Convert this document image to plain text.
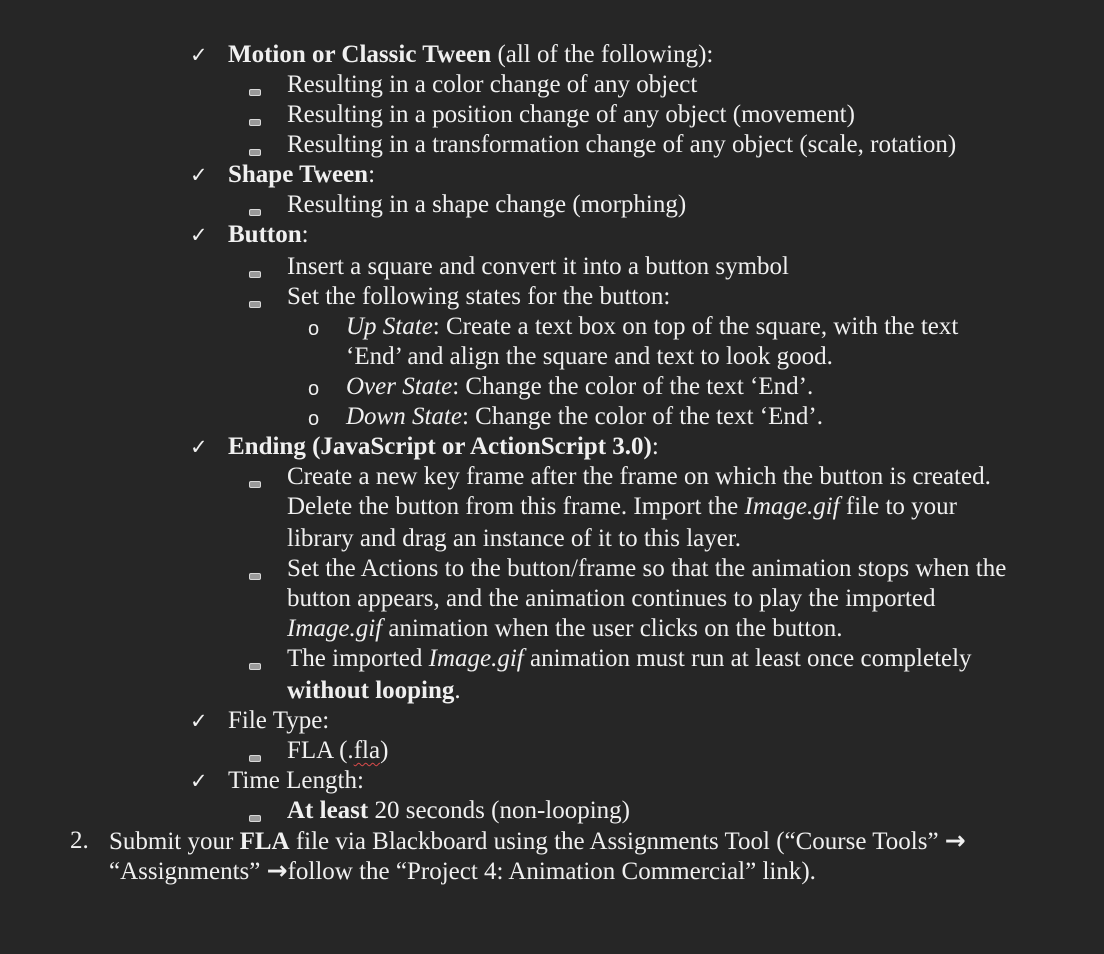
✓ Motion or Classic Tween (all of the following):
Resulting in a color change of any object
Resulting in a position change of any object (movement)
Resulting in a transformation change of any object (scale, rotation)
✓ Shape Tween:
Resulting in a shape change (morphing)
✓ Button:
Insert a square and convert it into a button symbol
Set the following states for the button:
o Up State: Create a text box on top of the square, with the text
‘End’ and align the square and text to look good.
o Over State: Change the color of the text ‘End’.
o Down State: Change the color of the text ‘End’.
✓ Ending (JavaScript or ActionScript 3.0):
Create a new key frame after the frame on which the button is created.
Delete the button from this frame. Import the Image.gif file to your
library and drag an instance of it to this layer.
Set the Actions to the button/frame so that the animation stops when the
button appears, and the animation continues to play the imported
Image.gif animation when the user clicks on the button.
The imported Image.gif animation must run at least once completely
without looping.
✓ File Type:
FLA (.fla)
✓ Time Length:
At least 20 seconds (non-looping)
2. Submit your FLA file via Blackboard using the Assignments Tool (“Course Tools” →
“Assignments” →follow the “Project 4: Animation Commercial” link).
